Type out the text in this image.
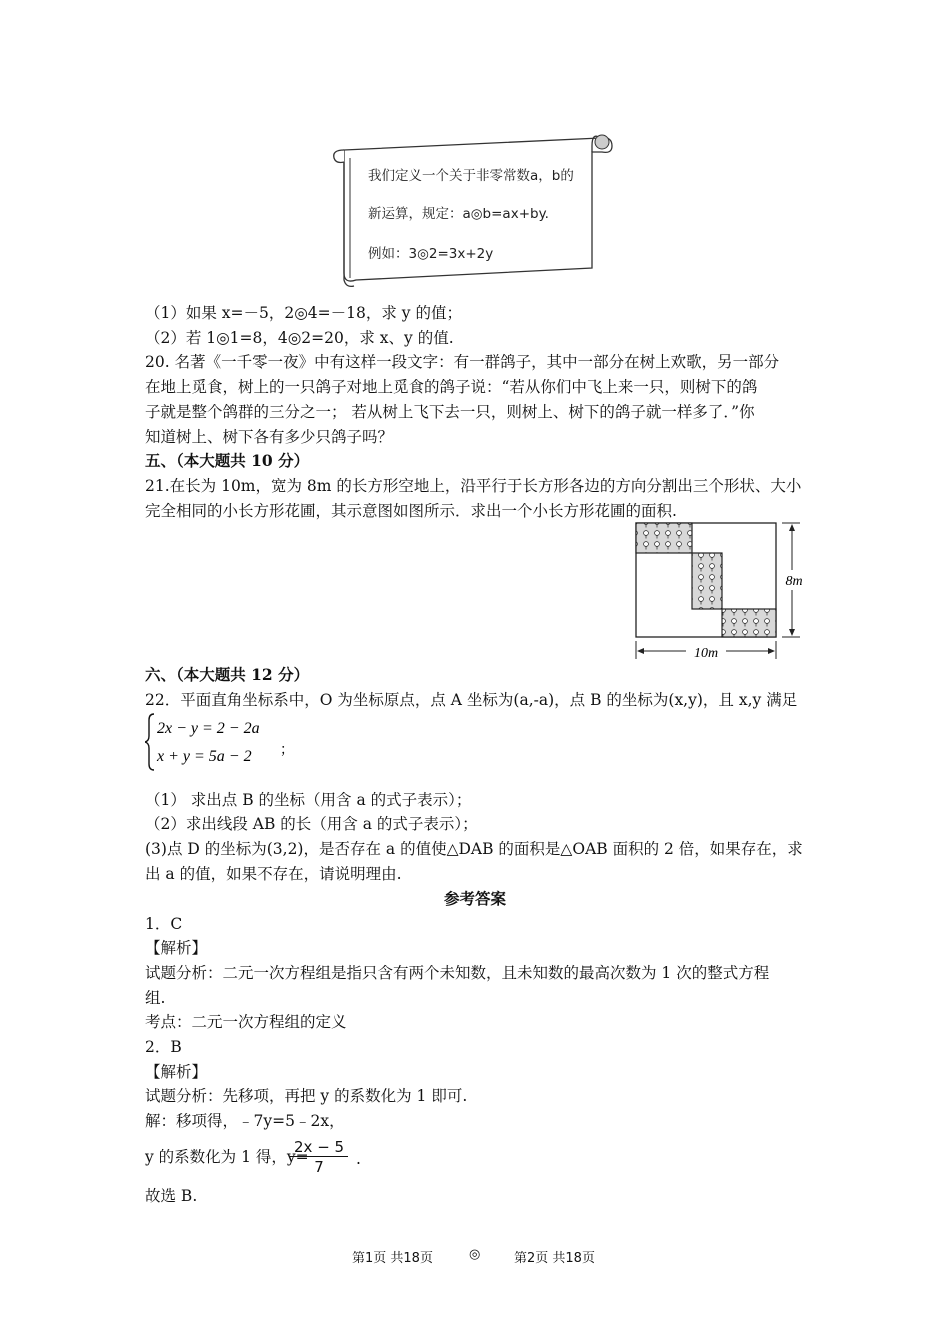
我们定义一个关于非零常数a，b的
新运算，规定：a◎b=ax+by.
例如：3◎2=3x+2y
（1）如果 x=－5，2◎4=－18，求 y 的值；
（2）若 1◎1=8，4◎2=20，求 x、y 的值.
20. 名著《一千零一夜》中有这样一段文字：有一群鸽子，其中一部分在树上欢歌，另一部分
在地上觅食，树上的一只鸽子对地上觅食的鸽子说：“若从你们中飞上来一只，则树下的鸽
子就是整个鸽群的三分之一； 若从树上飞下去一只，则树上、树下的鸽子就一样多了．”你
知道树上、树下各有多少只鸽子吗？
五、（本大题共 10 分）
21.在长为 10m，宽为 8m 的长方形空地上，沿平行于长方形各边的方向分割出三个形状、大小
完全相同的小长方形花圃，其示意图如图所示．求出一个小长方形花圃的面积.
8m
10m
六、（本大题共 12 分）
22．平面直角坐标系中，O 为坐标原点，点 A 坐标为(a,-a)，点 B 的坐标为(x,y)，且 x,y 满足
2x − y = 2 − 2a
x + y = 5a − 2 ；
（1） 求出点 B 的坐标（用含 a 的式子表示）；
（2）求出线段 AB 的长（用含 a 的式子表示）；
(3)点 D 的坐标为(3,2)，是否存在 a 的值使△DAB 的面积是△OAB 面积的 2 倍，如果存在，求
出 a 的值，如果不存在，请说明理由.
参考答案
1．C
【解析】
试题分析：二元一次方程组是指只含有两个未知数，且未知数的最高次数为 1 次的整式方程
组.
考点：二元一次方程组的定义
2．B
【解析】
试题分析：先移项，再把 y 的系数化为 1 即可.
解：移项得，﹣7y=5﹣2x，
y 的系数化为 1 得，y=
2x − 5
7	.
故选 B.
第1页 共18页	◎	第2页 共18页
